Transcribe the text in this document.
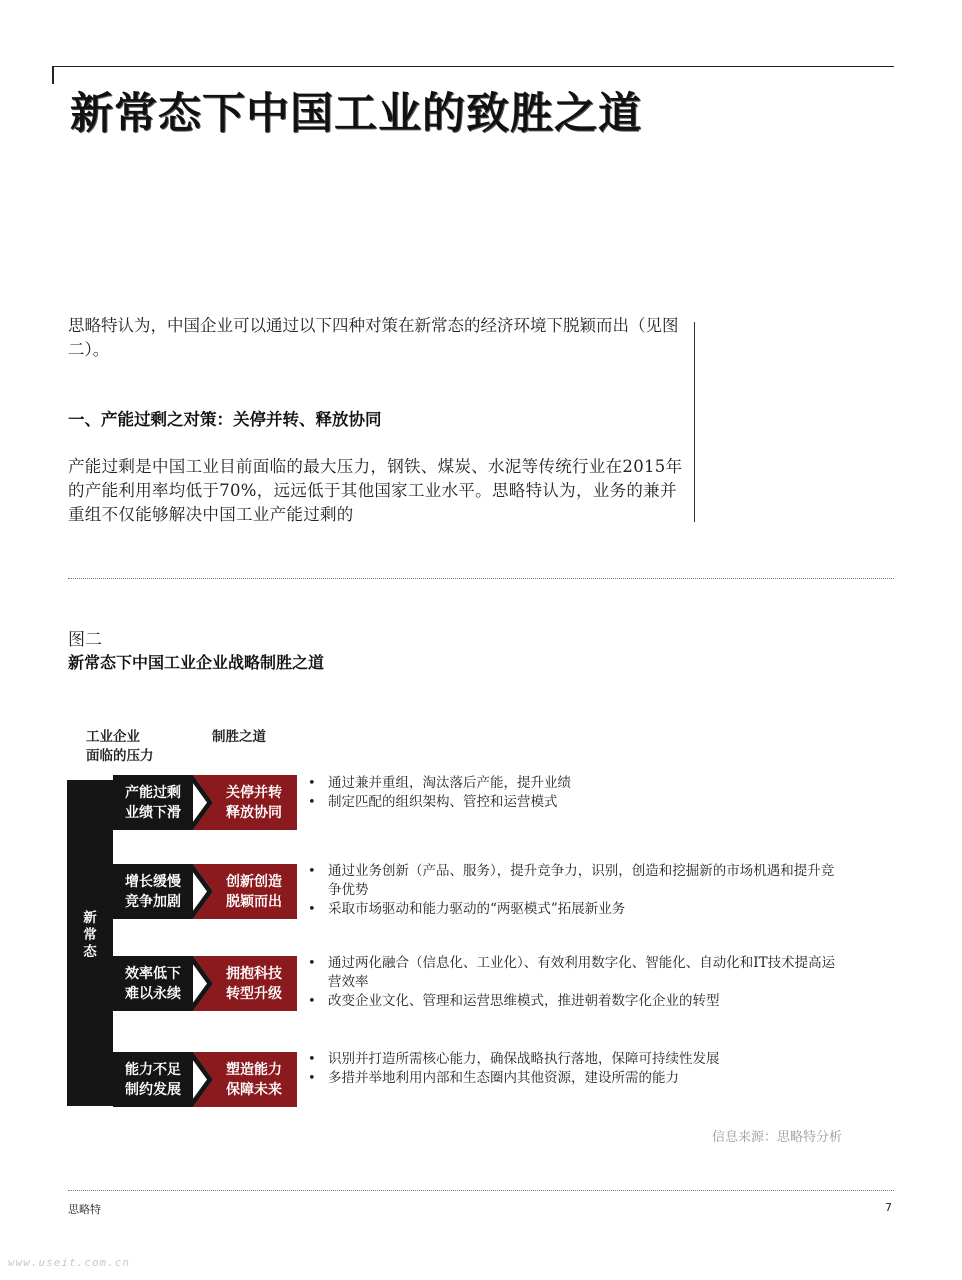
新常态下中国工业的致胜之道
思略特认为，中国企业可以通过以下四种对策在新常态的经济环境下脱颖而出（见图二）。
一、产能过剩之对策：关停并转、释放协同
产能过剩是中国工业目前面临的最大压力，钢铁、煤炭、水泥等传统行业在2015年的产能利用率均低于70%，远远低于其他国家工业水平。思略特认为，业务的兼并重组不仅能够解决中国工业产能过剩的
图二
新常态下中国工业企业战略制胜之道
工业企业
面临的压力
制胜之道
新
常
态
产能过剩
业绩下滑
关停并转
释放协同
• 通过兼并重组，淘汰落后产能，提升业绩
• 制定匹配的组织架构、管控和运营模式
增长缓慢
竞争加剧
创新创造
脱颖而出
• 通过业务创新（产品、服务），提升竞争力，识别，创造和挖掘新的市场机遇和提升竞争优势
• 采取市场驱动和能力驱动的“两驱模式”拓展新业务
效率低下
难以永续
拥抱科技
转型升级
• 通过两化融合（信息化、工业化）、有效利用数字化、智能化、自动化和IT技术提高运营效率
• 改变企业文化、管理和运营思维模式，推进朝着数字化企业的转型
能力不足
制约发展
塑造能力
保障未来
• 识别并打造所需核心能力，确保战略执行落地，保障可持续性发展
• 多措并举地利用内部和生态圈内其他资源，建设所需的能力
信息来源：思略特分析
思略特	7
www.useit.com.cn
